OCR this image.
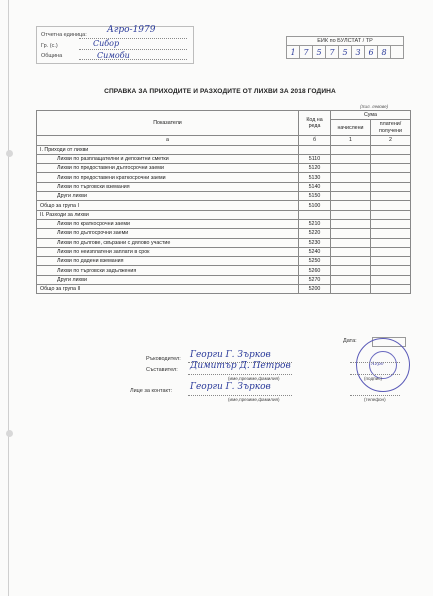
Отчетна единица:
Гр. (с.)
Община
Агро-1979
Сибор
Симоби
ЕИК по БУЛСТАТ / ТР
1 7 5 7 5 3 6 8
СПРАВКА ЗА ПРИХОДИТЕ И РАЗХОДИТЕ ОТ ЛИХВИ ЗА 2018 ГОДИНА
(Хил. левове)
Показатели	Код на реда	Сума	
		начислени	платени/ получени
а	б	1	2
I. Приходи от лихви			
Лихви по разплащателни и депозитни сметки	5110		
Лихви по предоставени дългосрочни заеми	5120		
Лихви по предоставени краткосрочни заеми	5130		
Лихви по търговски вземания	5140		
Други лихви	5150		
Общо за група I	5100		
II. Разходи за лихви			
Лихви по краткосрочни заеми	5210		
Лихви по дългосрочни заеми	5220		
Лихви по дългове, свързани с дялово участие	5230		
Лихви по неизплатени заплати в срок	5240		
Лихви по дадени вземания	5250		
Лихви по търговски задължения	5260		
Други лихви	5270		
Общо за група II	5200		
Дата:
Агро
Ръководител: Георги Г. Зърков
Съставител: Димитър Д. Петров
(име,презиме,фамилия)	(подпис)
Лице за контакт: Георги Г. Зърков
(име,презиме,фамилия)	(телефон)
